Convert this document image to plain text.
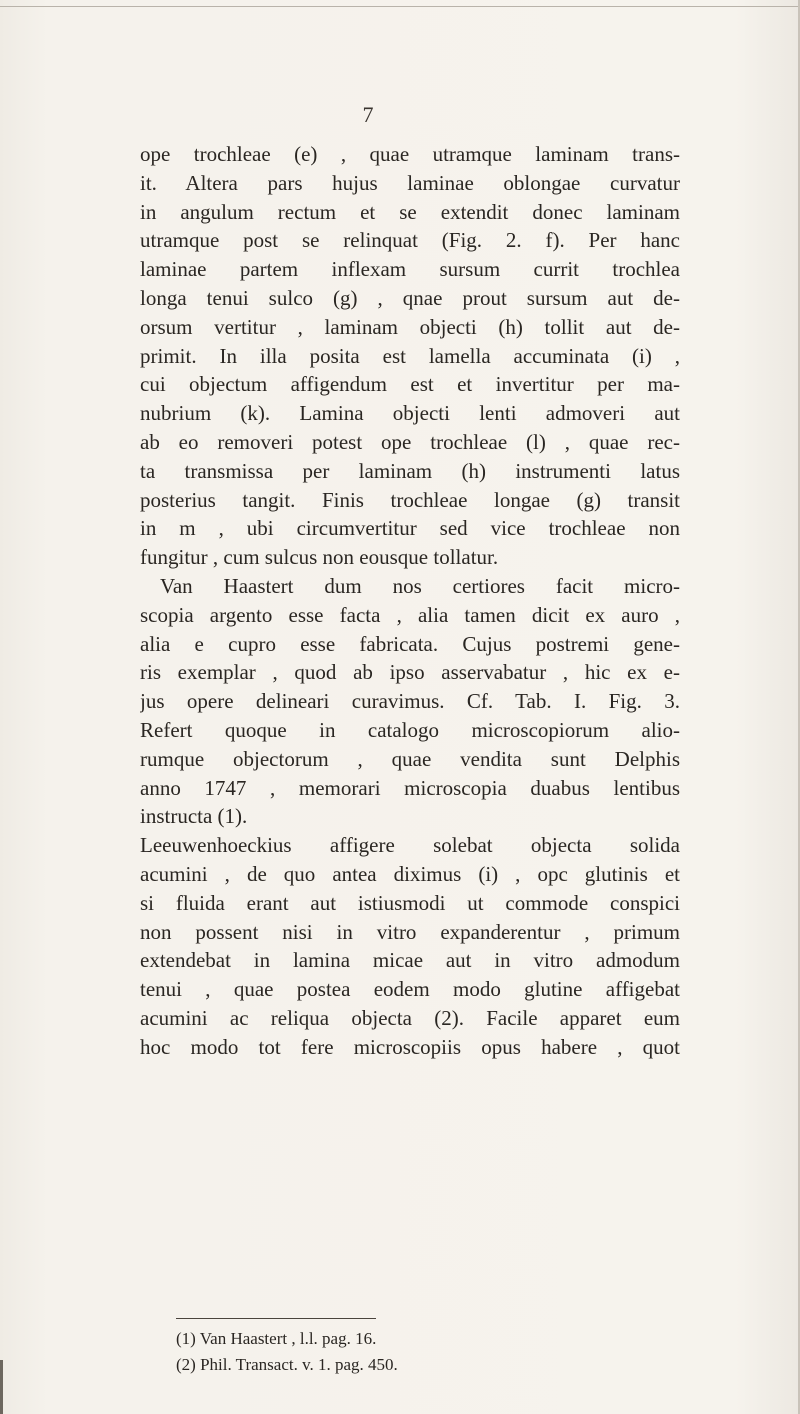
7
ope trochleae (e) , quae utramque laminam trans-
it. Altera pars hujus laminae oblongae curvatur
in angulum rectum et se extendit donec laminam
utramque post se relinquat (Fig. 2. f). Per hanc
laminae partem inflexam sursum currit trochlea
longa tenui sulco (g) , qnae prout sursum aut de-
orsum vertitur , laminam objecti (h) tollit aut de-
primit. In illa posita est lamella accuminata (i) ,
cui objectum affigendum est et invertitur per ma-
nubrium (k). Lamina objecti lenti admoveri aut
ab eo removeri potest ope trochleae (l) , quae rec-
ta transmissa per laminam (h) instrumenti latus
posterius tangit. Finis trochleae longae (g) transit
in m , ubi circumvertitur sed vice trochleae non
fungitur , cum sulcus non eousque tollatur.
Van Haastert dum nos certiores facit micro-
scopia argento esse facta , alia tamen dicit ex auro ,
alia e cupro esse fabricata. Cujus postremi gene-
ris exemplar , quod ab ipso asservabatur , hic ex e-
jus opere delineari curavimus. Cf. Tab. I. Fig. 3.
Refert quoque in catalogo microscopiorum alio-
rumque objectorum , quae vendita sunt Delphis
anno 1747 , memorari microscopia duabus lentibus
instructa (1).
Leeuwenhoeckius affigere solebat objecta solida
acumini , de quo antea diximus (i) , opc glutinis et
si fluida erant aut istiusmodi ut commode conspici
non possent nisi in vitro expanderentur , primum
extendebat in lamina micae aut in vitro admodum
tenui , quae postea eodem modo glutine affigebat
acumini ac reliqua objecta (2). Facile apparet eum
hoc modo tot fere microscopiis opus habere , quot
(1) Van Haastert , l.l. pag. 16.
(2) Phil. Transact. v. 1. pag. 450.
